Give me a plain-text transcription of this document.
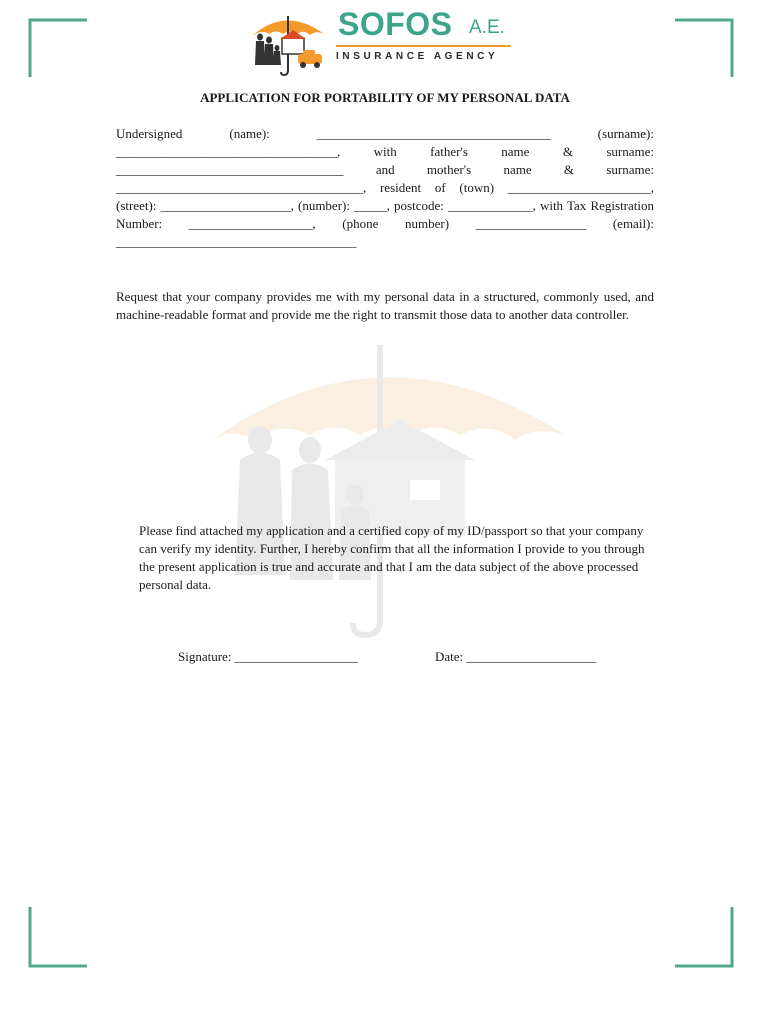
SOFOS A.E.
INSURANCE AGENCY
APPLICATION FOR PORTABILITY OF MY PERSONAL DATA
Undersigned (name): ____________________________________ (surname): __________________________________, with father's name & surname: ___________________________________ and mother's name & surname: ______________________________________, resident of (town) ______________________, (street): ____________________, (number): _____, postcode: _____________, with Tax Registration Number: ___________________, (phone number) _________________ (email): _____________________________________
Request that your company provides me with my personal data in a structured, commonly used, and machine-readable format and provide me the right to transmit those data to another data controller.
Please find attached my application and a certified copy of my ID/passport so that your company can verify my identity. Further, I hereby confirm that all the information I provide to you through the present application is true and accurate and that I am the data subject of the above processed personal data.
Signature: ___________________	Date: ____________________
